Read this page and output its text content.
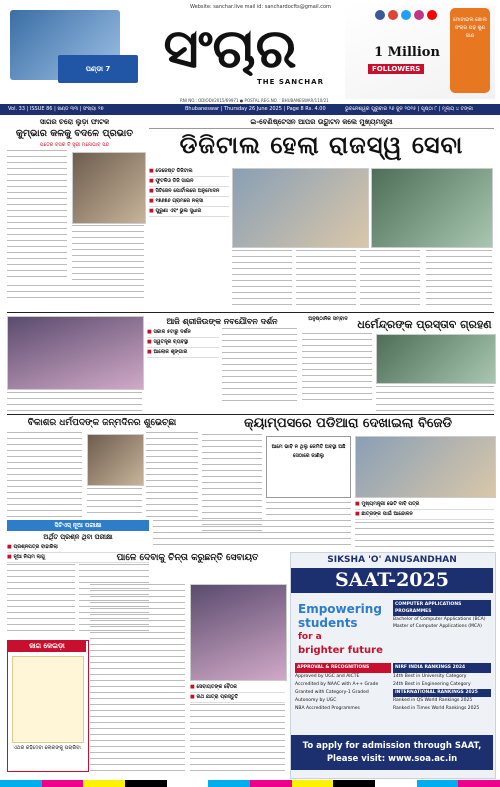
ପଣ୍ଡା 7
Website: sanchar.live mail id: sanchardocfts@gmail.com
ସଂଚାର
THE SANCHAR
RNI NO.: ODIODI/2015/69971 ● POSTAL REG.NO. : BHUBANESWAR/110/21
1 Million
FOLLOWERS
ମୋବାଇଲ ଖୋଲ ସଂଚାର ପଢ଼ ଶୁଣ ଜାଣ
Vol. 33 | ISSUE 86 | ଖଣ୍ଡ ୩୩ | ସଂଖ୍ୟା ୨୭	Bhubaneswar | Thursday 26 June 2025 | Page 8 Rs. 4.00	ଭୁବନେଶ୍ୱର ଗୁରୁବାର ୨୬ ଜୁନ ୨୦୨୫ | ପୃଷ୍ଠା ୮ | ମୂଲ୍ୟ ୪ ଟଙ୍କା
ସାଗର ଚରୋ ଲୁଡ଼ା ଫାଟକ
କୁମ୍ଭାର କଳକୁ ବଦଳେ ପ୍ରଭାତ
ପତେର ବସର ବି ସ୍ତ୍ରୀ ମନୋଭାବ ସନ୍ଦ
ଇ-ବେଣିଷ୍ଟେସନ ଆପର ଉଦ୍ଘାଟନ କଲେ ମୁଖ୍ୟମନ୍ତ୍ରୀ
ଡିଜିଟାଲ ହେଲା ରାଜସ୍ୱ ସେବା
■ ଡେଜେଷ୍ଟ ଡିଜିଟାଲ
■ ଫୁଟଳିଓ ଡିଜି ସାଇନ
■ ସିଟିଜେନ ପୋର୍ଟାଲରେ ଅନୁମୋଦନ
■ ୧୭୬୭୬ ଗ୍ରାମରେ ନକ୍ସା
■ ପୁରୁଣା ଏବଂ ଭୁଲ ସୁଧାର
ଆଜି ଶ୍ରୀଜିଉଙ୍କ ନବଯୌବନ ଦର୍ଶନ
■ ସକାଳ ୫ଟାରୁ ଦର୍ଶନ
■ ସ୍ୱତନ୍ତ୍ର ବ୍ୟବସ୍ଥା
■ ଆଲୋକ ଶୃଙ୍ଗାର
ଅନୁଷ୍ଠାନିକ ସମ୍ବାଦ ଧର୍ମେନ୍ଦ୍ରଙ୍କ ପ୍ରସ୍ତାବ ଗ୍ରହଣ
ବିକାଶର ଧର୍ମପଦଙ୍କ ଜନ୍ମଦିନର ଶୁଭେଚ୍ଛା	କ୍ୟାମ୍ପସରେ ପଡିଆରା ଦେଖାଇଲା ବିଜେଡି
ଆମେ ଭାବି ନ ଥିଲୁ କେମିତି ଅବସ୍ଥା ଅଛି ସେଠାରେ ଜାଣିଲୁ
■ ମୁଖ୍ୟମନ୍ତ୍ରୀ ଭେଟି ଦାବି ପତ୍ର
■ ଛାତ୍ରଙ୍କ ପାଇଁ ଆନ୍ଦୋଳନ
ସିଟିଏସ୍ ନୂଆ ପରୀକ୍ଷା
ଅର୍ଥିତ ପ୍ରଶ୍ନ ଥିବା ପରୀକ୍ଷା
■ ପ୍ରଶ୍ନପତ୍ର ବାହାରିଲା
■ ନୂଆ ନିୟମ ଲାଗୁ	ପାଳେ ଦେବାକୁ ଚିନ୍ତା କରୁଛନ୍ତି ସେବାୟତ
■ ସେବାୟତଙ୍କ ବୈଠକ
■ ରଥ ଯାତ୍ରା ପ୍ରସ୍ତୁତି
ଜାଗ କେଇଡ଼ା
ଏଥର କହିଦେବା ଲୋକଙ୍କୁ ପଚାରିବା
SIKSHA 'O' ANUSANDHAN
SAAT-2025
Empowering
students
for a
brighter future
COMPUTER APPLICATIONS PROGRAMMES
Bachelor of Computer Applications (BCA)
Master of Computer Applications (MCA)
APPROVAL & RECOGNITIONS
Approved by UGC and AICTE
Accredited by NAAC with A++ Grade
Granted with Category-1 Graded Autonomy by UGC
NBA Accredited Programmes
NIRF INDIA RANKINGS 2024
14th Best in University Category
24th Best in Engineering Category
INTERNATIONAL RANKINGS 2025
Ranked in QS World Rankings 2025
Ranked in Times World Rankings 2025
To apply for admission through SAAT,
Please visit: www.soa.ac.in
